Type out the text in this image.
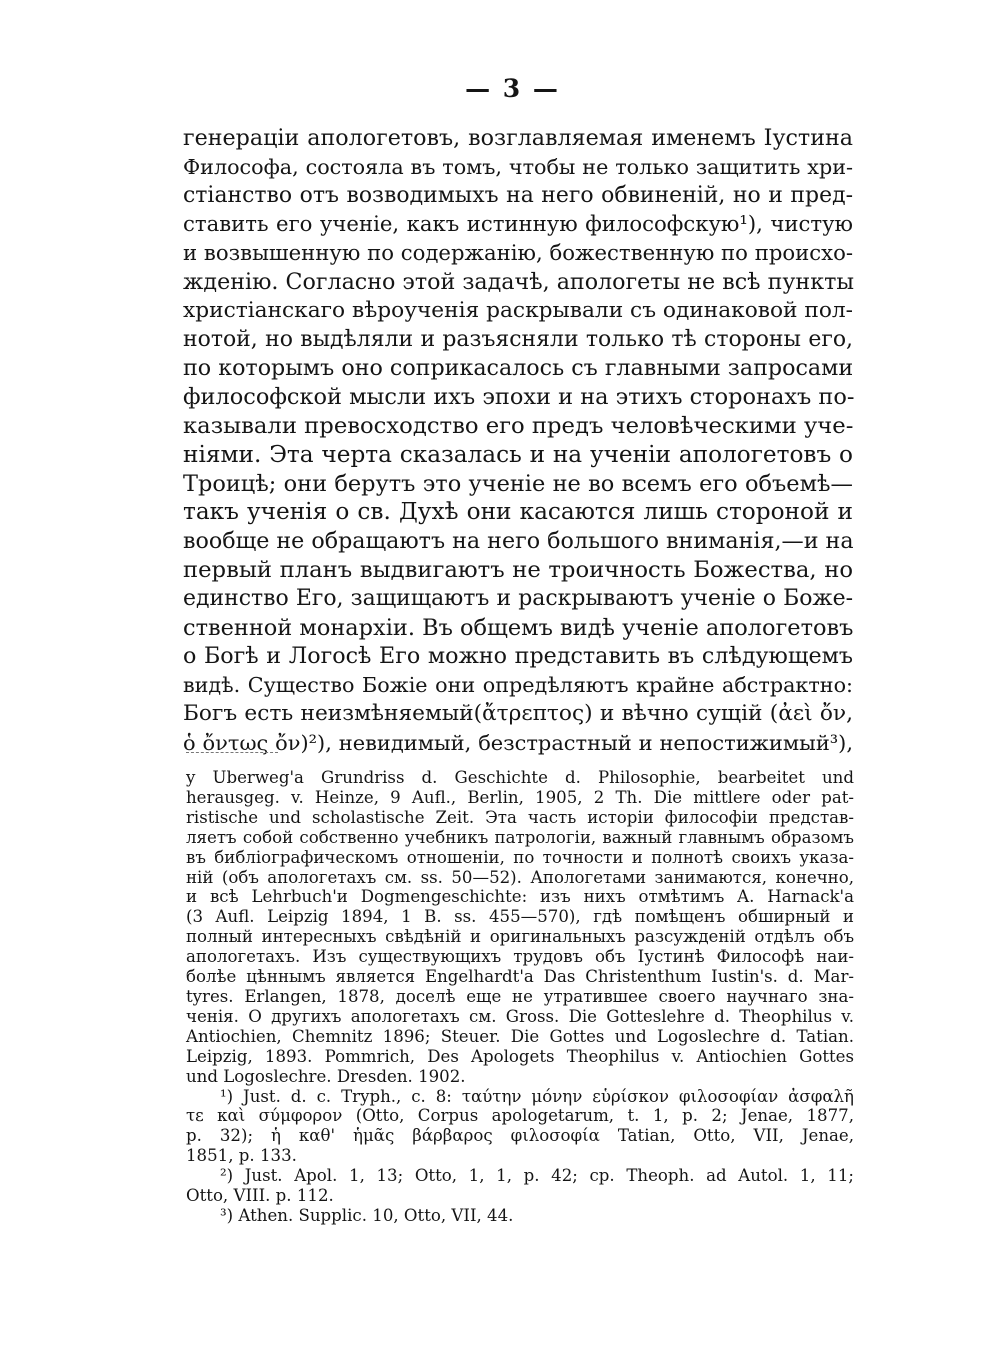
— 3 —
генерацiи апологетовъ, возглавляемая именемъ Iустина
Философа, состояла въ томъ, чтобы не только защитить хри-
стiанство отъ возводимыхъ на него обвиненiй, но и пред-
ставить его ученiе, какъ истинную философскую¹), чистую
и возвышенную по содержанiю, божественную по происхо-
жденiю. Согласно этой задачѣ, апологеты не всѣ пункты
христiанскаго вѣроученiя раскрывали съ одинаковой пол-
нотой, но выдѣляли и разъясняли только тѣ стороны его,
по которымъ оно соприкасалось съ главными запросами
философской мысли ихъ эпохи и на этихъ сторонахъ по-
казывали превосходство его предъ человѣческими уче-
нiями. Эта черта сказалась и на ученiи апологетовъ о
Троицѣ; они берутъ это ученiе не во всемъ его объемѣ—
такъ ученiя о св. Духѣ они касаются лишь стороной и
вообще не обращаютъ на него большого вниманiя,—и на
первый планъ выдвигаютъ не троичность Божества, но
единство Его, защищаютъ и раскрываютъ ученiе о Боже-
ственной монархiи. Въ общемъ видѣ ученiе апологетовъ
о Богѣ и Логосѣ Его можно представить въ слѣдующемъ
видѣ. Существо Божiе они опредѣляютъ крайне абстрактно:
Богъ есть неизмѣняемый(ἄτρεπτος) и вѣчно сущiй (ἀεὶ ὄν,
ὁ ὄντως ὄν)²), невидимый, безстрастный и непостижимый³),
y Uberweg'a Grundriss d. Geschichte d. Philosophie, bearbeitet und
herausgeg. v. Heinze, 9 Aufl., Berlin, 1905, 2 Th. Die mittlere oder pat-
ristische und scholastische Zeit. Эта часть исторiи философiи представ-
ляетъ собой собственно учебникъ патрологiи, важный главнымъ образомъ
въ библiографическомъ отношенiи, по точности и полнотѣ своихъ указа-
нiй (объ апологетахъ см. ss. 50—52). Апологетами занимаются, конечно,
и всѣ Lehrbuch'и Dogmengeschichte: изъ нихъ отмѣтимъ A. Harnack'a
(3 Aufl. Leipzig 1894, 1 B. ss. 455—570), гдѣ помѣщенъ обширный и
полный интересныхъ свѣдѣнiй и оригинальныхъ разсужденiй отдѣлъ объ
апологетахъ. Изъ существующихъ трудовъ объ Iустинѣ Философѣ наи-
болѣе цѣннымъ является Engelhardt'a Das Christenthum Iustin's. d. Mar-
tyres. Erlangen, 1878, доселѣ еще не утратившее своего научнаго зна-
ченiя. О другихъ апологетахъ см. Gross. Die Gotteslehre d. Theophilus v.
Antiochien, Chemnitz 1896; Steuer. Die Gottes und Logoslechre d. Tatian.
Leipzig, 1893. Pommrich, Des Apologets Theophilus v. Antiochien Gottes
und Logoslechre. Dresden. 1902.
¹) Just. d. c. Tryph., c. 8: ταύτην μόνην εὑρίσκον φιλοσοφίαν ἀσφαλῆ
τε καὶ σύμφορον (Otto, Corpus apologetarum, t. 1, p. 2; Jenae, 1877,
p. 32); ἡ καθ' ἡμᾶς βάρβαρος φιλοσοφία Tatian, Otto, VII, Jenae,
1851, p. 133.
²) Just. Apol. 1, 13; Otto, 1, 1, p. 42; cp. Theoph. ad Autol. 1, 11;
Otto, VIII. p. 112.
³) Athen. Supplic. 10, Otto, VII, 44.
